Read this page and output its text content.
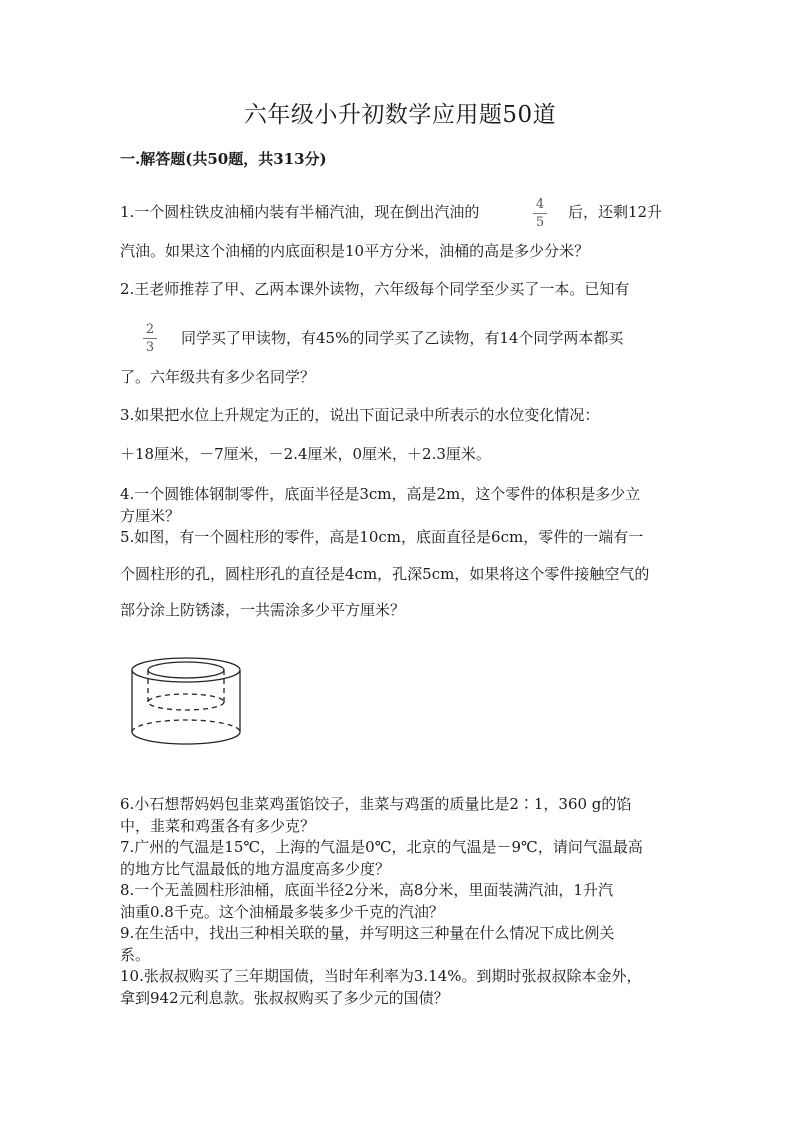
六年级小升初数学应用题50道
一.解答题(共50题，共313分)
1.一个圆柱铁皮油桶内装有半桶汽油，现在倒出汽油的	4
5
后，还剩12升
汽油。如果这个油桶的内底面积是10平方分米，油桶的高是多少分米？
2.王老师推荐了甲、乙两本课外读物，六年级每个同学至少买了一本。已知有
2
3
同学买了甲读物，有45%的同学买了乙读物，有14个同学两本都买
了。六年级共有多少名同学？
3.如果把水位上升规定为正的，说出下面记录中所表示的水位变化情况：
＋18厘米，－7厘米，－2.4厘米，0厘米，＋2.3厘米。
4.一个圆锥体钢制零件，底面半径是3cm，高是2m，这个零件的体积是多少立
方厘米？
5.如图，有一个圆柱形的零件，高是10cm，底面直径是6cm，零件的一端有一
个圆柱形的孔，圆柱形孔的直径是4cm，孔深5cm，如果将这个零件接触空气的
部分涂上防锈漆，一共需涂多少平方厘米？
6.小石想帮妈妈包韭菜鸡蛋馅饺子，韭菜与鸡蛋的质量比是2∶1，360 g的馅
中，韭菜和鸡蛋各有多少克？
7.广州的气温是15℃，上海的气温是0℃，北京的气温是－9℃，请问气温最高
的地方比气温最低的地方温度高多少度？
8.一个无盖圆柱形油桶，底面半径2分米，高8分米，里面装满汽油，1升汽
油重0.8千克。这个油桶最多装多少千克的汽油？
9.在生活中，找出三种相关联的量，并写明这三种量在什么情况下成比例关
系。
10.张叔叔购买了三年期国债，当时年利率为3.14%。到期时张叔叔除本金外，
拿到942元利息款。张叔叔购买了多少元的国债？
